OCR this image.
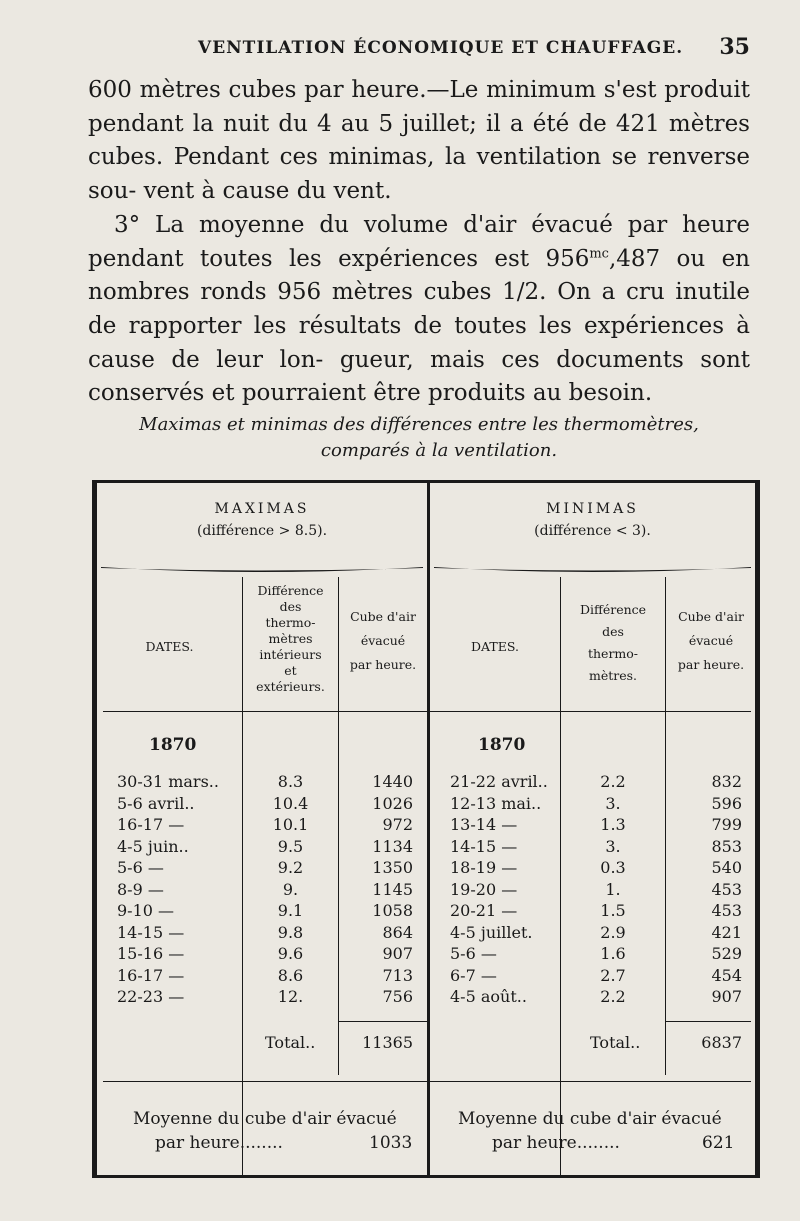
VENTILATION ÉCONOMIQUE ET CHAUFFAGE. 35

600 mètres cubes par heure.—Le minimum s'est produit pendant la nuit du 4 au 5 juillet; il a été de 421 mètres cubes. Pendant ces minimas, la ventilation se renverse sou- vent à cause du vent.

3° La moyenne du volume d'air évacué par heure pendant toutes les expériences est $956^{mc},487$ ou en nombres ronds 956 mètres cubes 1/2. On a cru inutile de rapporter les résultats de toutes les expériences à cause de leur lon- gueur, mais ces documents sont conservés et pourraient être produits au besoin.

Maximas et minimas des différences entre les thermomètres,
comparés à la ventilation.
MAXIMAS
(différence > 8.5).
DATES.
Différence
des
thermo-
mètres
intérieurs
et
extérieurs.
Cube d'air
évacué
par heure.
1870
30-31 mars..	8.3	1440
5-6 avril..	10.4	1026
16-17 —	10.1	972
4-5 juin..	9.5	1134
5-6 —	9.2	1350
8-9 —	9.	1145
9-10 —	9.1	1058
14-15 —	9.8	864
15-16 —	9.6	907
16-17 —	8.6	713
22-23 —	12.	756
Total..	11365
Moyenne du cube d'air évacué
par heure........	1033
MINIMAS
(différence < 3).
DATES.
Différence
des
thermo-
mètres.
Cube d'air
évacué
par heure.
1870
21-22 avril..	2.2	832
12-13 mai..	3.	596
13-14 —	1.3	799
14-15 —	3.	853
18-19 —	0.3	540
19-20 —	1.	453
20-21 —	1.5	453
4-5 juillet.	2.9	421
5-6 —	1.6	529
6-7 —	2.7	454
4-5 août..	2.2	907
Total..	6837
Moyenne du cube d'air évacué
par heure........	621
